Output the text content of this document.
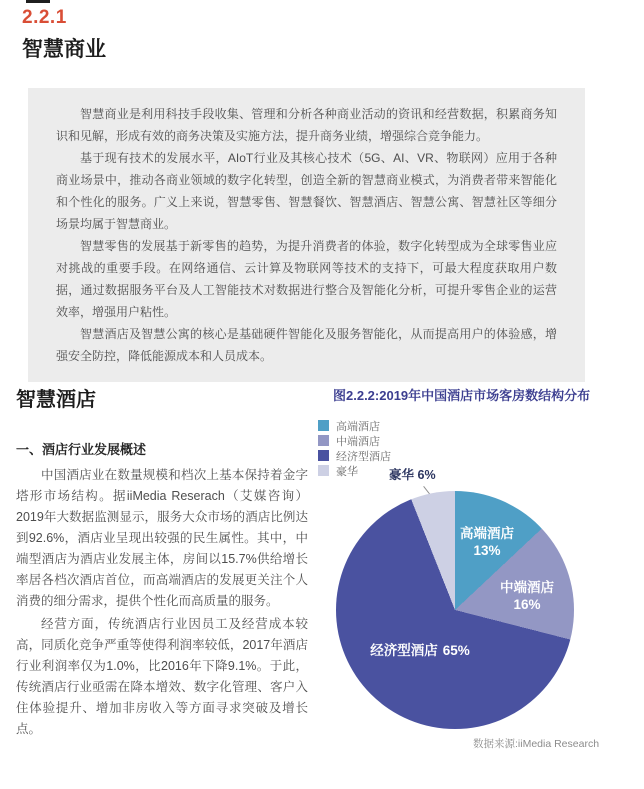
2.2.1
智慧商业

智慧商业是利用科技手段收集、管理和分析各种商业活动的资讯和经营数据，积累商务知识和见解，形成有效的商务决策及实施方法，提升商务业绩，增强综合竞争能力。

基于现有技术的发展水平，AIoT行业及其核心技术（5G、AI、VR、物联网）应用于各种商业场景中，推动各商业领域的数字化转型，创造全新的智慧商业模式，为消费者带来智能化和个性化的服务。广义上来说，智慧零售、智慧餐饮、智慧酒店、智慧公寓、智慧社区等细分场景均属于智慧商业。

智慧零售的发展基于新零售的趋势，为提升消费者的体验，数字化转型成为全球零售业应对挑战的重要手段。在网络通信、云计算及物联网等技术的支持下，可最大程度获取用户数据，通过数据服务平台及人工智能技术对数据进行整合及智能化分析，可提升零售企业的运营效率，增强用户粘性。

智慧酒店及智慧公寓的核心是基础硬件智能化及服务智能化，从而提高用户的体验感，增强安全防控，降低能源成本和人员成本。

智慧酒店
一、酒店行业发展概述

中国酒店业在数量规模和档次上基本保持着金字塔形市场结构。据iiMedia Reserach（艾媒咨询）2019年大数据监测显示，服务大众市场的酒店比例达到92.6%，酒店业呈现出较强的民生属性。其中，中端型酒店为酒店业发展主体，房间以15.7%供给增长率居各档次酒店首位，而高端酒店的发展更关注个人消费的细分需求，提供个性化而高质量的服务。

经营方面，传统酒店行业因员工及经营成本较高，同质化竞争严重等使得利润率较低，2017年酒店行业利润率仅为1.0%，比2016年下降9.1%。于此，传统酒店行业亟需在降本增效、数字化管理、客户入住体验提升、增加非房收入等方面寻求突破及增长点。

图2.2.2:2019年中国酒店市场客房数结构分布
高端酒店
中端酒店
经济型酒店
豪华 豪华 6%
高端酒店
13%
中端酒店
16%
经济型酒店 65%
数据来源:iiMedia Research
